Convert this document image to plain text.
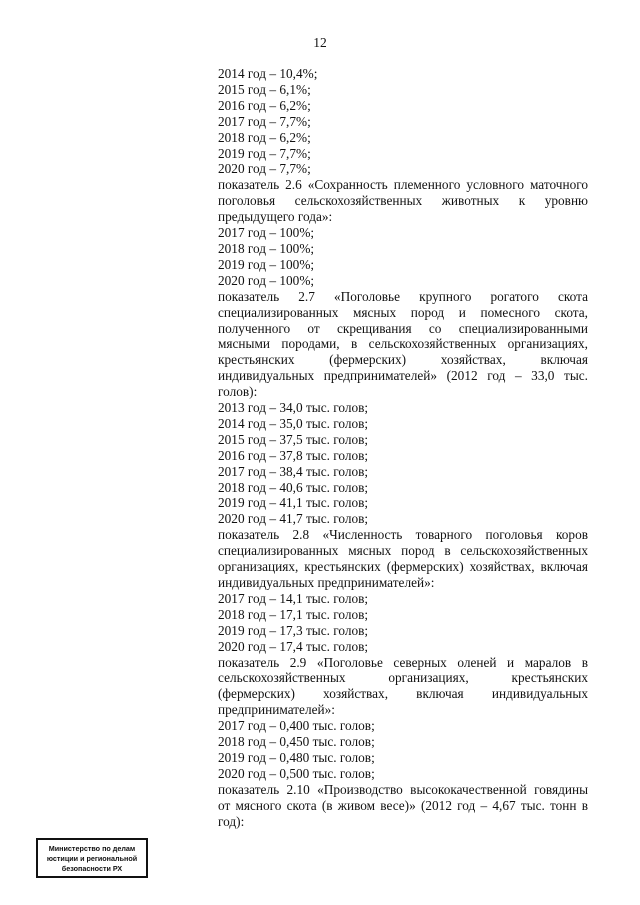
12
2014 год – 10,4%;
2015 год – 6,1%;
2016 год – 6,2%;
2017 год – 7,7%;
2018 год – 6,2%;
2019 год – 7,7%;
2020 год – 7,7%;
показатель 2.6 «Сохранность племенного условного маточного
поголовья сельскохозяйственных животных к уровню
предыдущего года»:
2017 год – 100%;
2018 год – 100%;
2019 год – 100%;
2020 год – 100%;
показатель 2.7 «Поголовье крупного рогатого скота
специализированных мясных пород и помесного скота,
полученного от скрещивания со специализированными
мясными породами, в сельскохозяйственных организациях,
крестьянских (фермерских) хозяйствах, включая
индивидуальных предпринимателей» (2012 год – 33,0 тыс.
голов):
2013 год – 34,0 тыс. голов;
2014 год – 35,0 тыс. голов;
2015 год – 37,5 тыс. голов;
2016 год – 37,8 тыс. голов;
2017 год – 38,4 тыс. голов;
2018 год – 40,6 тыс. голов;
2019 год – 41,1 тыс. голов;
2020 год – 41,7 тыс. голов;
показатель 2.8 «Численность товарного поголовья коров
специализированных мясных пород в сельскохозяйственных
организациях, крестьянских (фермерских) хозяйствах, включая
индивидуальных предпринимателей»:
2017 год – 14,1 тыс. голов;
2018 год – 17,1 тыс. голов;
2019 год – 17,3 тыс. голов;
2020 год – 17,4 тыс. голов;
показатель 2.9 «Поголовье северных оленей и маралов в
сельскохозяйственных организациях, крестьянских
(фермерских) хозяйствах, включая индивидуальных
предпринимателей»:
2017 год – 0,400 тыс. голов;
2018 год – 0,450 тыс. голов;
2019 год – 0,480 тыс. голов;
2020 год – 0,500 тыс. голов;
показатель 2.10 «Производство высококачественной говядины
от мясного скота (в живом весе)» (2012 год – 4,67 тыс. тонн в
год):
Министерство по делам
юстиции и региональной
безопасности РХ
